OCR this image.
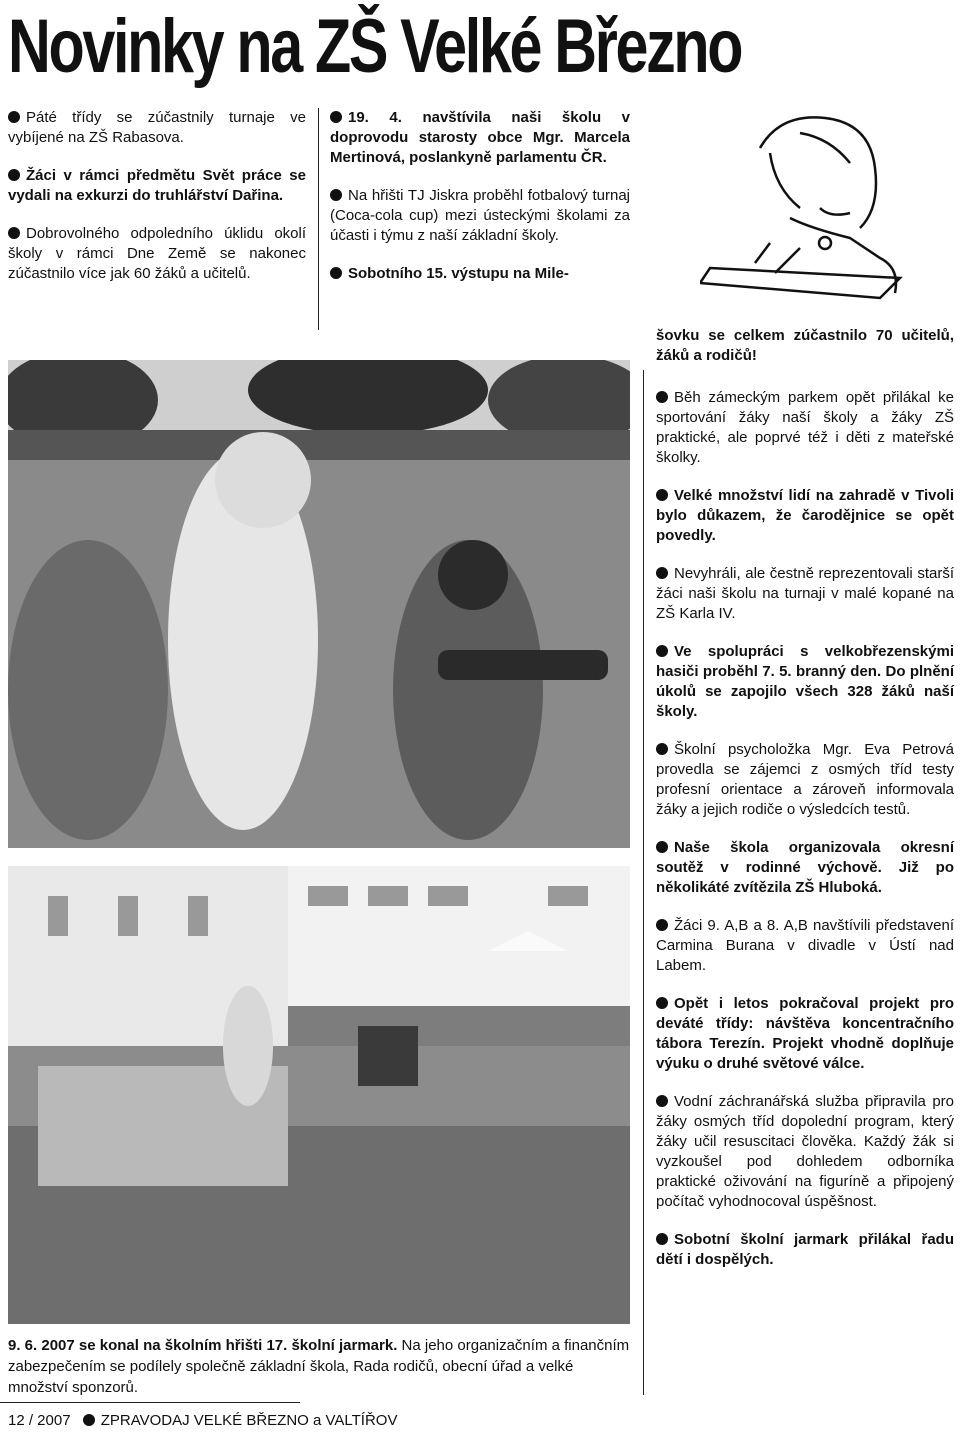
Novinky na ZŠ Velké Březno

Páté třídy se zúčastnily turnaje ve vybíjené na ZŠ Rabasova.

Žáci v rámci předmětu Svět práce se vydali na exkurzi do truhlářství Dařina.

Dobrovolného odpoledního úklidu okolí školy v rámci Dne Země se nakonec zúčastnilo více jak 60 žáků a učitelů.

19. 4. navštívila naši školu v doprovodu starosty obce Mgr. Marcela Mertinová, poslankyně parlamentu ČR.

Na hřišti TJ Jiskra proběhl fotbalový turnaj (Coca-cola cup) mezi ústeckými školami za účasti i týmu z naší základní školy.

Sobotního 15. výstupu na Mile-

šovku se celkem zúčastnilo 70 učitelů, žáků a rodičů!

Běh zámeckým parkem opět přilákal ke sportování žáky naší školy a žáky ZŠ praktické, ale poprvé též i děti z mateřské školky.

Velké množství lidí na zahradě v Tivoli bylo důkazem, že čarodějnice se opět povedly.

Nevyhráli, ale čestně reprezentovali starší žáci naši školu na turnaji v malé kopané na ZŠ Karla IV.

Ve spolupráci s velkobřezenskými hasiči proběhl 7. 5. branný den. Do plnění úkolů se zapojilo všech 328 žáků naší školy.

Školní psycholožka Mgr. Eva Petrová provedla se zájemci z osmých tříd testy profesní orientace a zároveň informovala žáky a jejich rodiče o výsledcích testů.

Naše škola organizovala okresní soutěž v rodinné výchově. Již po několikáté zvítězila ZŠ Hluboká.

Žáci 9. A,B a 8. A,B navštívili představení Carmina Burana v divadle v Ústí nad Labem.

Opět i letos pokračoval projekt pro deváté třídy: návštěva koncentračního tábora Terezín. Projekt vhodně doplňuje výuku o druhé světové válce.

Vodní záchranářská služba připravila pro žáky osmých tříd dopolední program, který žáky učil resuscitaci člověka. Každý žák si vyzkoušel pod dohledem odborníka praktické oživování na figuríně a připojený počítač vyhodnocoval úspěšnost.

Sobotní školní jarmark přilákal řadu dětí i dospělých.

9. 6. 2007 se konal na školním hřišti 17. školní jarmark. Na jeho organizačním a finančním zabezpečením se podílely společně základní škola, Rada rodičů, obecní úřad a velké množství sponzorů.
12 / 2007 ZPRAVODAJ VELKÉ BŘEZNO a VALTÍŘOV
